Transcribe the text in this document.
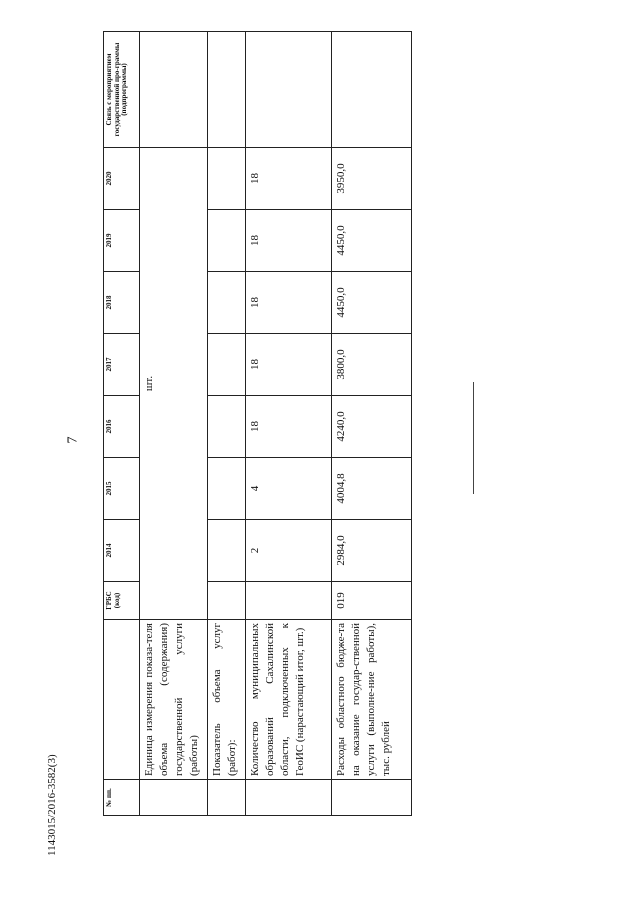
7
1143015/2016-3582(3)	№ пп.		ГРБС (код)	2014	2015	2016	2017	2018	2019	2020	Связь с мероприятием государственной про-граммы (подпрограммы)
	Единица измерения показа-теля объема (содержания) государственной услуги (работы)	шт.								
	Показатель объема услуг (работ):									
	Количество муниципальных образований Сахалинской области, подключенных к ГеоИС (нарастающий итог, шт.)		2	4	18	18	18	18	18	
	Расходы областного бюдже-та на оказание государ-ственной услуги (выполне-ние работы), тыс. рублей	019	2984,0	4004,8	4240,0	3800,0	4450,0	4450,0	3950,0	
